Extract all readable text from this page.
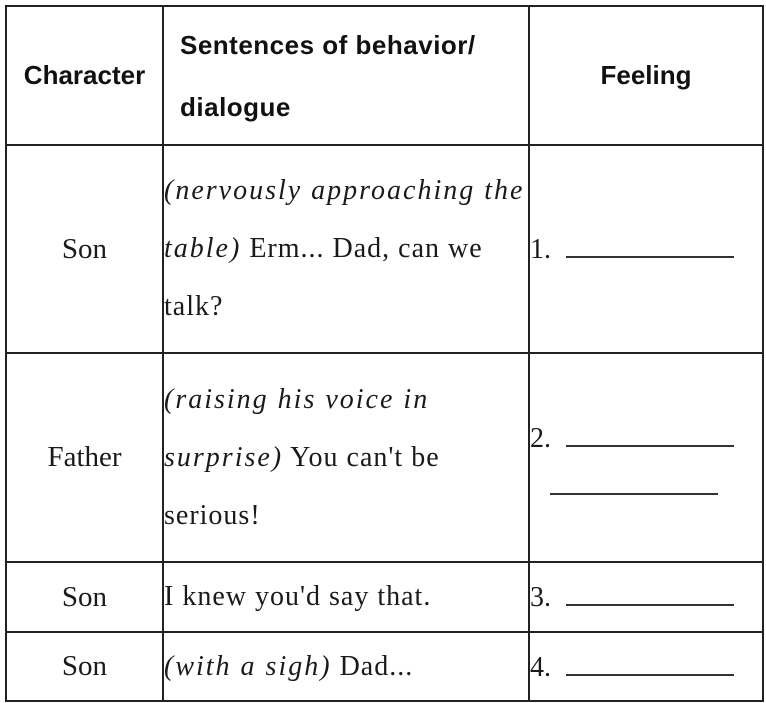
Character	Sentences of behavior/ dialogue	Feeling
Son	(nervously approaching the table) Erm... Dad, can we talk?	1.

Father	(raising his voice in surprise) You can't be serious!	2.

Son	I knew you'd say that.	3.

Son	(with a sigh) Dad...	4.
